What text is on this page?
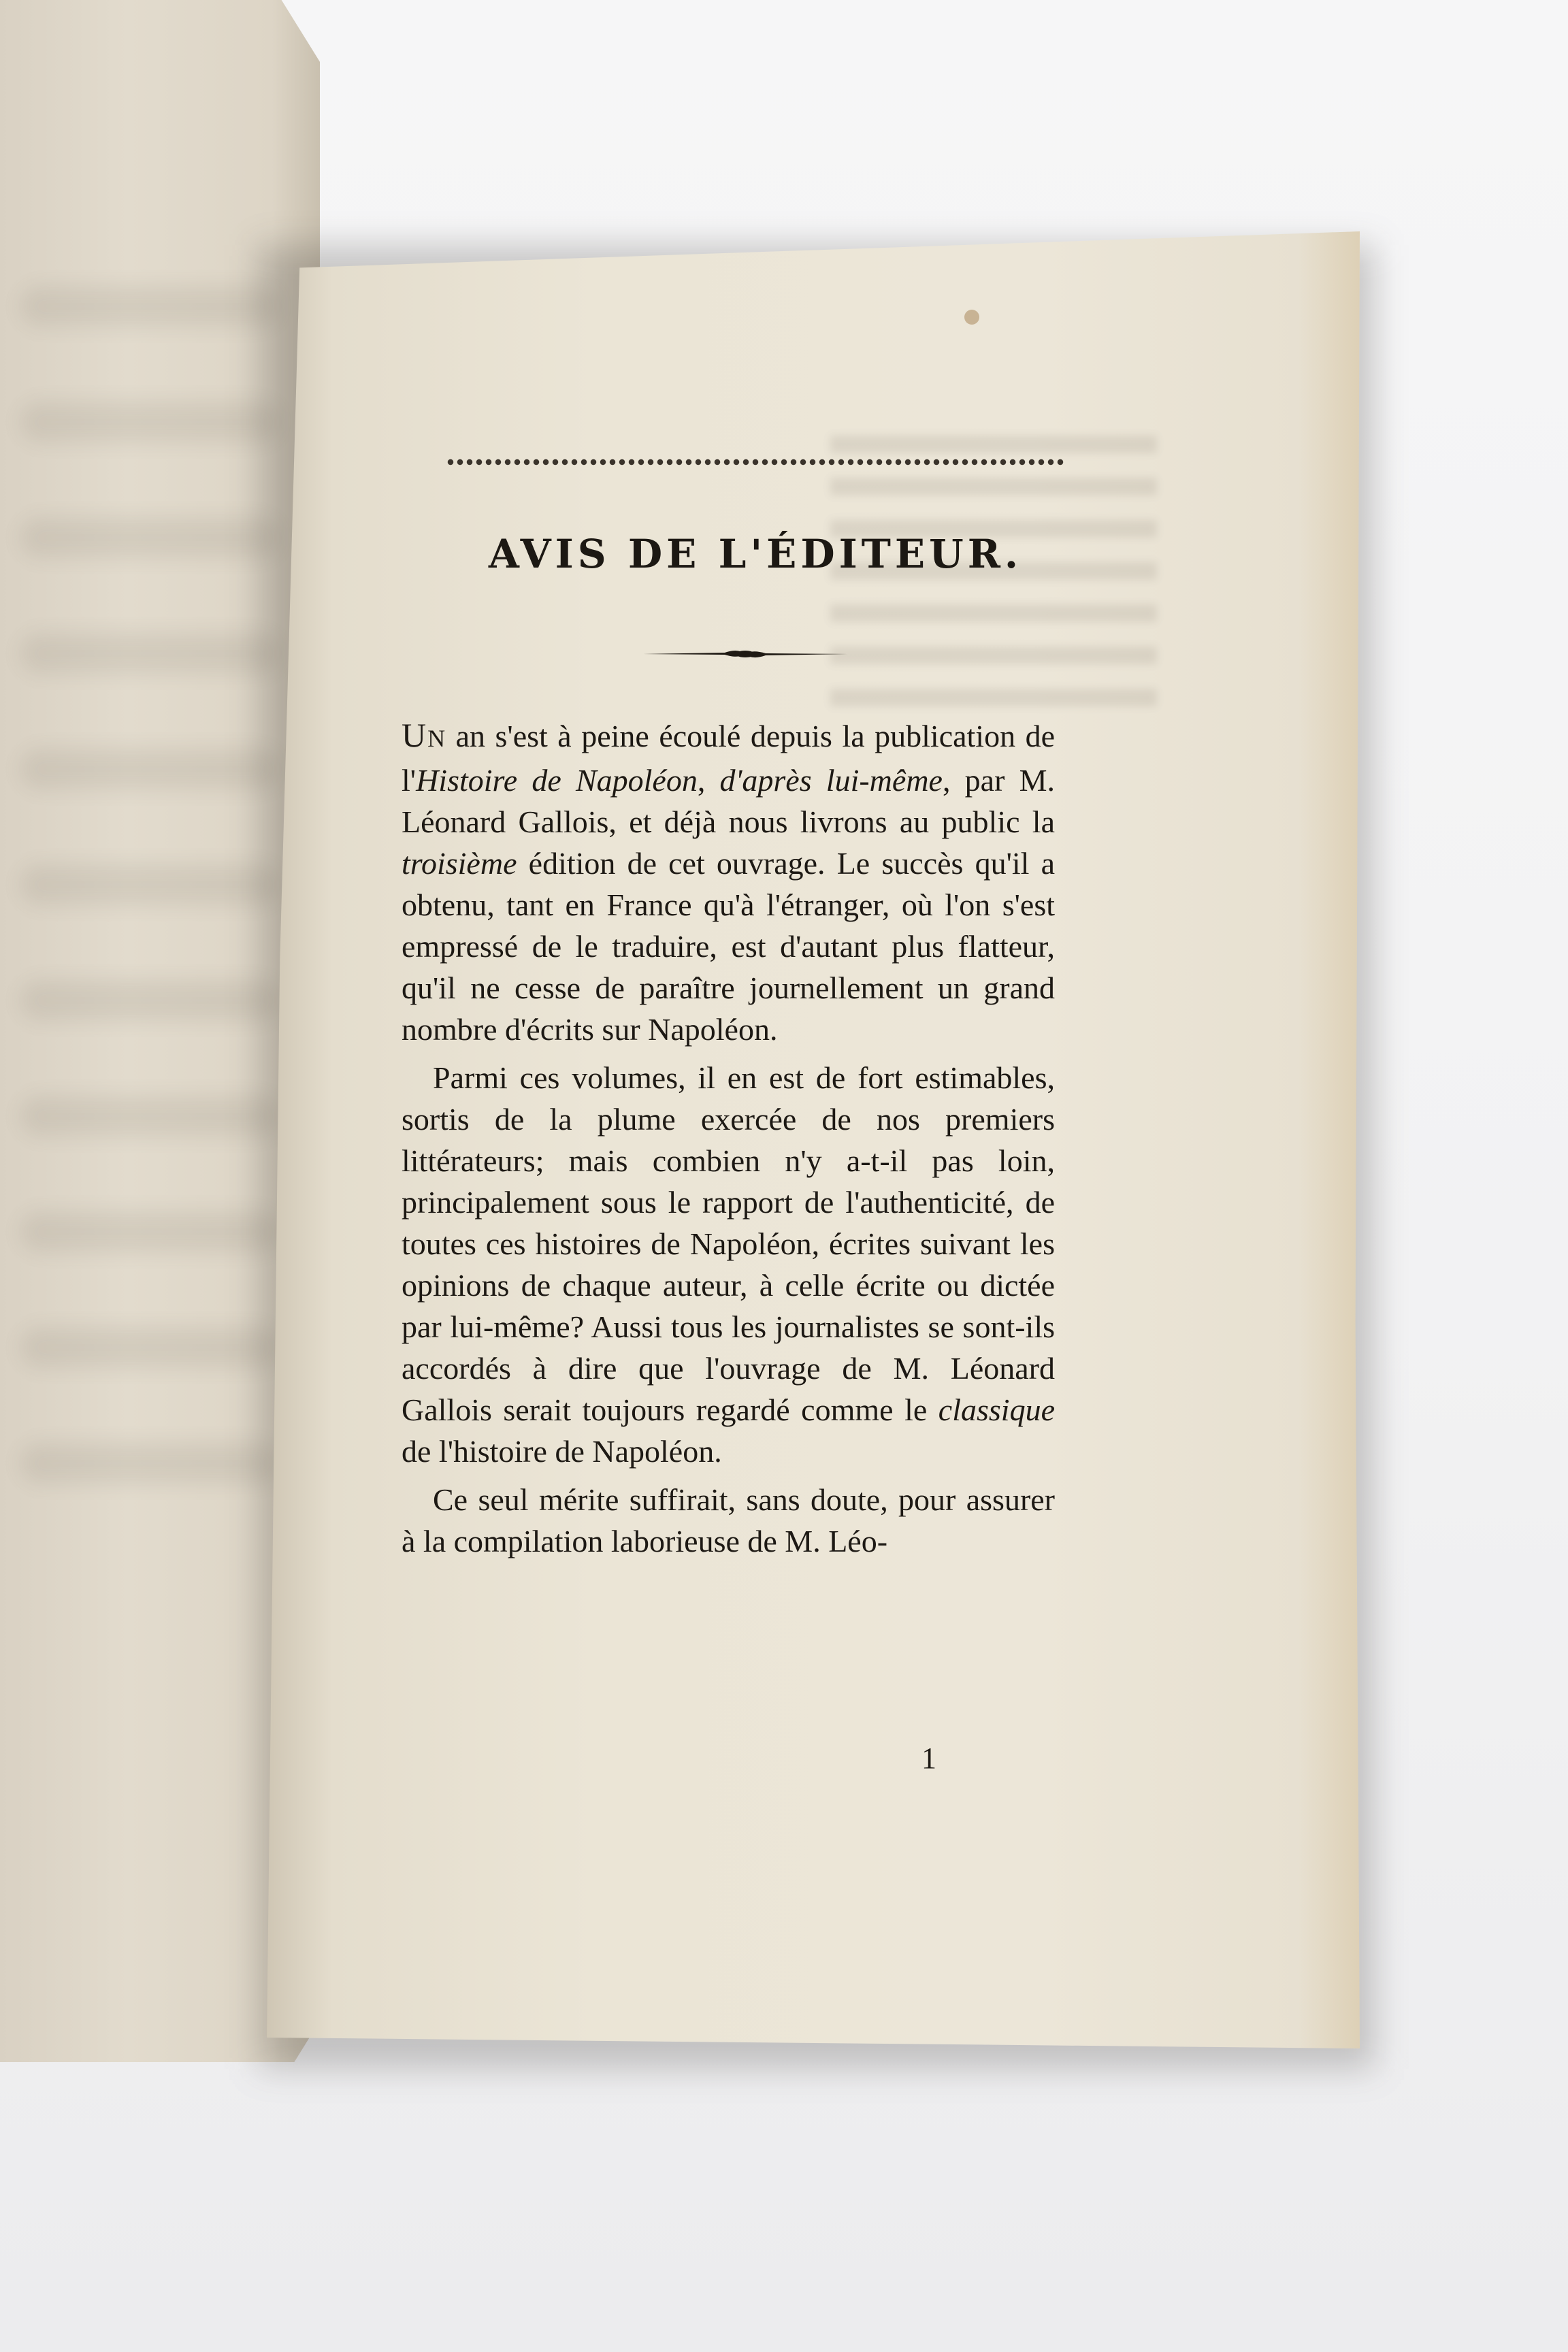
AVIS DE L'ÉDITEUR.

UN an s'est à peine écoulé depuis la publication de l'Histoire de Napoléon, d'après lui-même, par M. Léonard Gallois, et déjà nous livrons au public la troisième édition de cet ouvrage. Le succès qu'il a obtenu, tant en France qu'à l'étranger, où l'on s'est empressé de le traduire, est d'autant plus flatteur, qu'il ne cesse de paraître journellement un grand nombre d'écrits sur Napoléon.

Parmi ces volumes, il en est de fort estimables, sortis de la plume exercée de nos premiers littérateurs; mais combien n'y a-t-il pas loin, principalement sous le rapport de l'authenticité, de toutes ces histoires de Napoléon, écrites suivant les opinions de chaque auteur, à celle écrite ou dictée par lui-même? Aussi tous les journalistes se sont-ils accordés à dire que l'ouvrage de M. Léonard Gallois serait toujours regardé comme le classique de l'histoire de Napoléon.

Ce seul mérite suffirait, sans doute, pour assurer à la compilation laborieuse de M. Léo-

1
